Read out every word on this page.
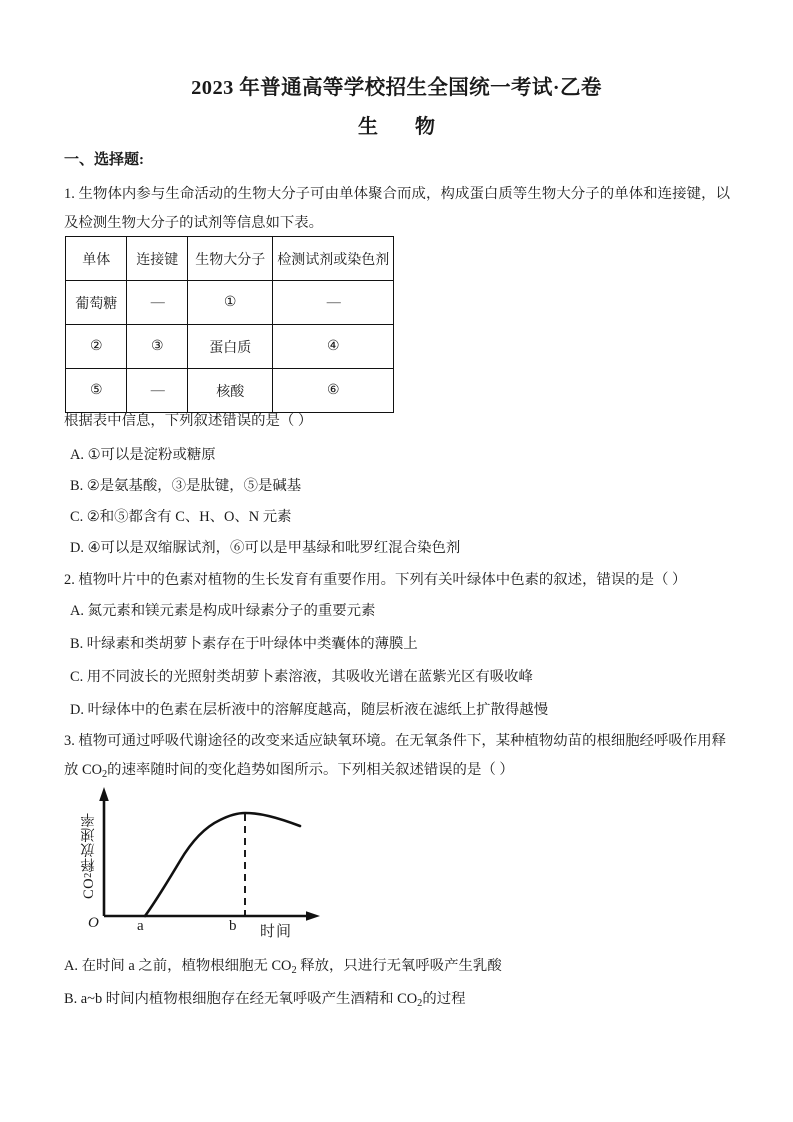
2023 年普通高等学校招生全国统一考试·乙卷
生 物
一、选择题:
1. 生物体内参与生命活动的生物大分子可由单体聚合而成，构成蛋白质等生物大分子的单体和连接键，以及检测生物大分子的试剂等信息如下表。
单体	连接键	生物大分子	检测试剂或染色剂
葡萄糖	—	①	—
②	③	蛋白质	④
⑤	—	核酸	⑥
根据表中信息，下列叙述错误的是（ ）
A. ①可以是淀粉或糖原
B. ②是氨基酸，③是肽键，⑤是碱基
C. ②和⑤都含有 C、H、O、N 元素
D. ④可以是双缩脲试剂，⑥可以是甲基绿和吡罗红混合染色剂
2. 植物叶片中的色素对植物的生长发育有重要作用。下列有关叶绿体中色素的叙述，错误的是（ ）
A. 氮元素和镁元素是构成叶绿素分子的重要元素
B. 叶绿素和类胡萝卜素存在于叶绿体中类囊体的薄膜上
C. 用不同波长的光照射类胡萝卜素溶液，其吸收光谱在蓝紫光区有吸收峰
D. 叶绿体中的色素在层析液中的溶解度越高，随层析液在滤纸上扩散得越慢
3. 植物可通过呼吸代谢途径的改变来适应缺氧环境。在无氧条件下，某种植物幼苗的根细胞经呼吸作用释
放 $CO_2$的速率随时间的变化趋势如图所示。下列相关叙述错误的是（ ）
CO2释放速率
O	a	b 时间
A. 在时间 a 之前，植物根细胞无 $CO_2$ 释放，只进行无氧呼吸产生乳酸
B. a~b 时间内植物根细胞存在经无氧呼吸产生酒精和 $CO_2$的过程
